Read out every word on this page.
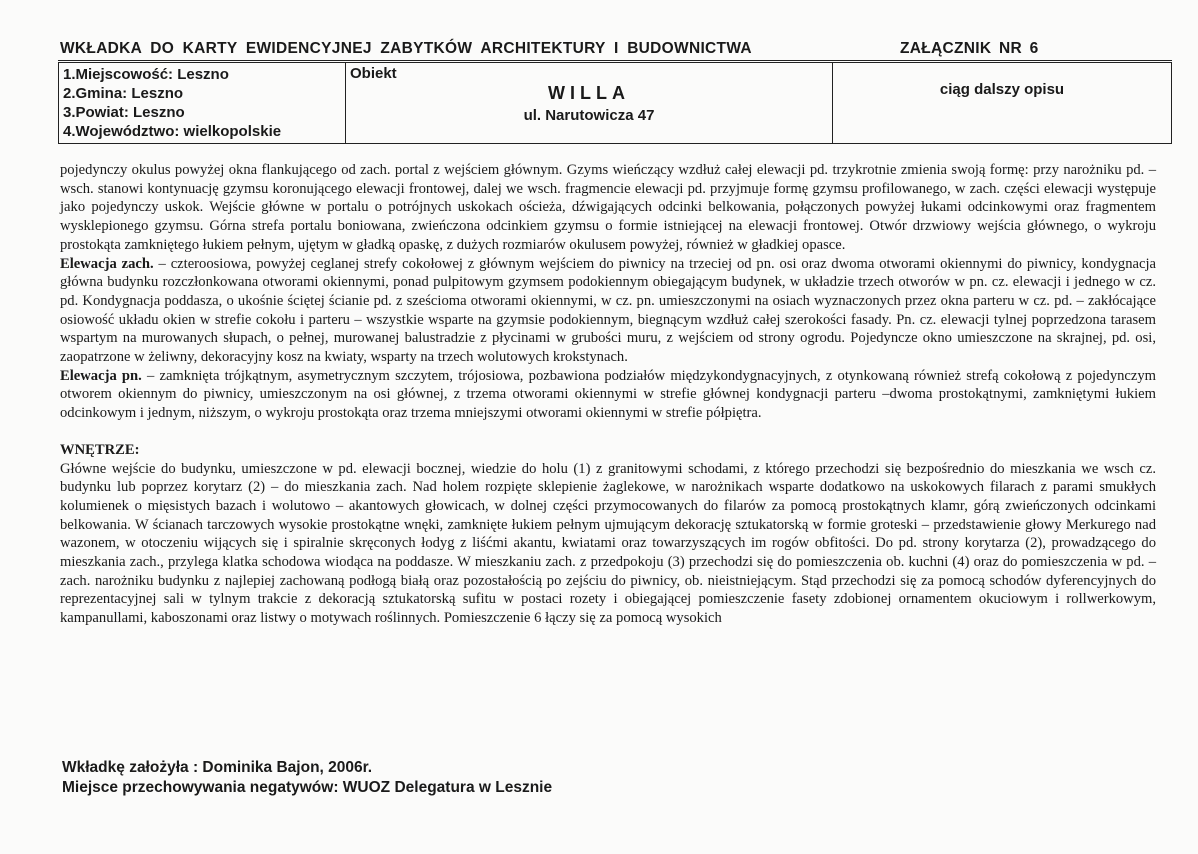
WKŁADKA DO KARTY EWIDENCYJNEJ ZABYTKÓW ARCHITEKTURY I BUDOWNICTWA	ZAŁĄCZNIK NR 6
1.Miejscowość: Leszno
2.Gmina: Leszno
3.Powiat: Leszno
4.Województwo: wielkopolskie

Obiekt
WILLA
ul. Narutowicza 47

ciąg dalszy opisu

pojedynczy okulus powyżej okna flankującego od zach. portal z wejściem głównym. Gzyms wieńczący wzdłuż całej elewacji pd. trzykrotnie zmienia swoją formę: przy narożniku pd. – wsch. stanowi kontynuację gzymsu koronującego elewacji frontowej, dalej we wsch. fragmencie elewacji pd. przyjmuje formę gzymsu profilowanego, w zach. części elewacji występuje jako pojedynczy uskok. Wejście główne w portalu o potrójnych uskokach ościeża, dźwigających odcinki belkowania, połączonych powyżej łukami odcinkowymi oraz fragmentem wysklepionego gzymsu. Górna strefa portalu boniowana, zwieńczona odcinkiem gzymsu o formie istniejącej na elewacji frontowej. Otwór drzwiowy wejścia głównego, o wykroju prostokąta zamkniętego łukiem pełnym, ujętym w gładką opaskę, z dużych rozmiarów okulusem powyżej, również w gładkiej opasce.

Elewacja zach. – czteroosiowa, powyżej ceglanej strefy cokołowej z głównym wejściem do piwnicy na trzeciej od pn. osi oraz dwoma otworami okiennymi do piwnicy, kondygnacja główna budynku rozczłonkowana otworami okiennymi, ponad pulpitowym gzymsem podokiennym obiegającym budynek, w układzie trzech otworów w pn. cz. elewacji i jednego w cz. pd. Kondygnacja poddasza, o ukośnie ściętej ścianie pd. z sześcioma otworami okiennymi, w cz. pn. umieszczonymi na osiach wyznaczonych przez okna parteru w cz. pd. – zakłócające osiowość układu okien w strefie cokołu i parteru – wszystkie wsparte na gzymsie podokiennym, biegnącym wzdłuż całej szerokości fasady. Pn. cz. elewacji tylnej poprzedzona tarasem wspartym na murowanych słupach, o pełnej, murowanej balustradzie z płycinami w grubości muru, z wejściem od strony ogrodu. Pojedyncze okno umieszczone na skrajnej, pd. osi, zaopatrzone w żeliwny, dekoracyjny kosz na kwiaty, wsparty na trzech wolutowych krokstynach.

Elewacja pn. – zamknięta trójkątnym, asymetrycznym szczytem, trójosiowa, pozbawiona podziałów międzykondygnacyjnych, z otynkowaną również strefą cokołową z pojedynczym otworem okiennym do piwnicy, umieszczonym na osi głównej, z trzema otworami okiennymi w strefie głównej kondygnacji parteru –dwoma prostokątnymi, zamkniętymi łukiem odcinkowym i jednym, niższym, o wykroju prostokąta oraz trzema mniejszymi otworami okiennymi w strefie półpiętra.

WNĘTRZE:

Główne wejście do budynku, umieszczone w pd. elewacji bocznej, wiedzie do holu (1) z granitowymi schodami, z którego przechodzi się bezpośrednio do mieszkania we wsch cz. budynku lub poprzez korytarz (2) – do mieszkania zach. Nad holem rozpięte sklepienie żaglekowe, w narożnikach wsparte dodatkowo na uskokowych filarach z parami smukłych kolumienek o mięsistych bazach i wolutowo – akantowych głowicach, w dolnej części przymocowanych do filarów za pomocą prostokątnych klamr, górą zwieńczonych odcinkami belkowania. W ścianach tarczowych wysokie prostokątne wnęki, zamknięte łukiem pełnym ujmującym dekorację sztukatorską w formie groteski – przedstawienie głowy Merkurego nad wazonem, w otoczeniu wijących się i spiralnie skręconych łodyg z liśćmi akantu, kwiatami oraz towarzyszących im rogów obfitości. Do pd. strony korytarza (2), prowadzącego do mieszkania zach., przylega klatka schodowa wiodąca na poddasze. W mieszkaniu zach. z przedpokoju (3) przechodzi się do pomieszczenia ob. kuchni (4) oraz do pomieszczenia w pd. – zach. narożniku budynku z najlepiej zachowaną podłogą białą oraz pozostałością po zejściu do piwnicy, ob. nieistniejącym. Stąd przechodzi się za pomocą schodów dyferencyjnych do reprezentacyjnej sali w tylnym trakcie z dekoracją sztukatorską sufitu w postaci rozety i obiegającej pomieszczenie fasety zdobionej ornamentem okuciowym i rollwerkowym, kampanullami, kaboszonami oraz listwy o motywach roślinnych. Pomieszczenie 6 łączy się za pomocą wysokich

Wkładkę założyła : Dominika Bajon, 2006r.
Miejsce przechowywania negatywów: WUOZ Delegatura w Lesznie
